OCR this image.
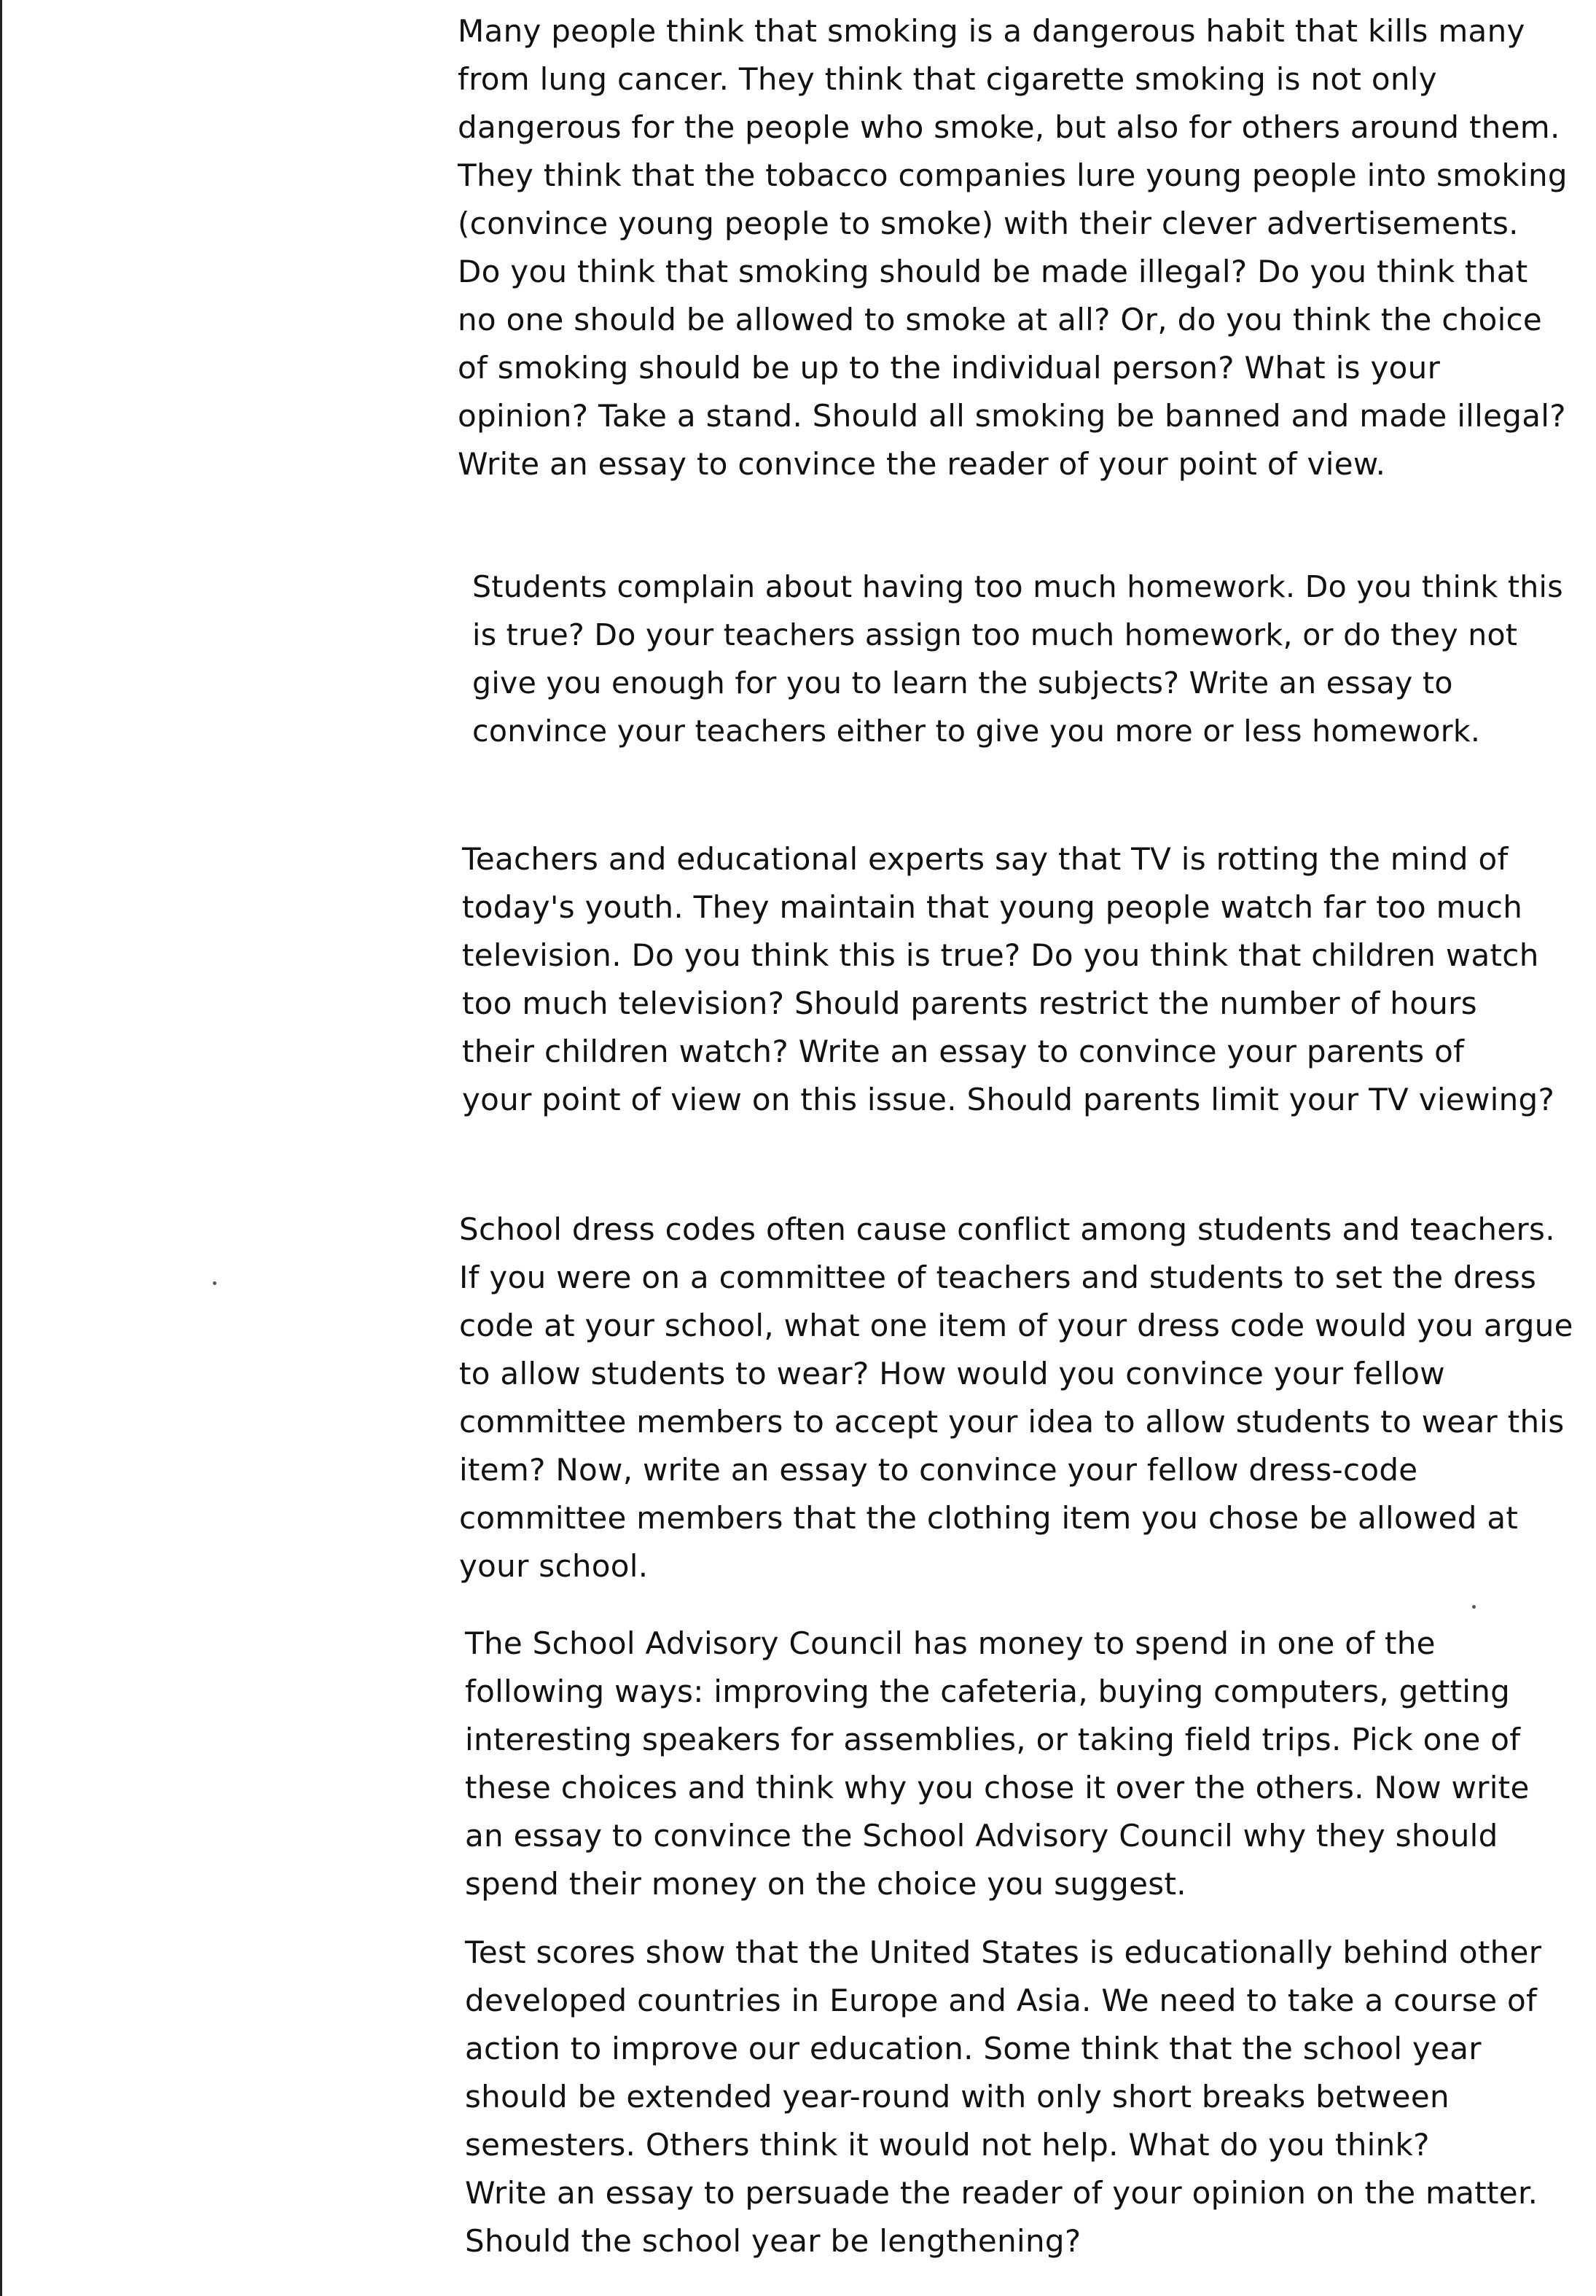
Many people think that smoking is a dangerous habit that kills many
from lung cancer. They think that cigarette smoking is not only
dangerous for the people who smoke, but also for others around them.
They think that the tobacco companies lure young people into smoking
(convince young people to smoke) with their clever advertisements.
Do you think that smoking should be made illegal? Do you think that
no one should be allowed to smoke at all? Or, do you think the choice
of smoking should be up to the individual person? What is your
opinion? Take a stand. Should all smoking be banned and made illegal?
Write an essay to convince the reader of your point of view.
Students complain about having too much homework. Do you think this
is true? Do your teachers assign too much homework, or do they not
give you enough for you to learn the subjects? Write an essay to
convince your teachers either to give you more or less homework.
Teachers and educational experts say that TV is rotting the mind of
today's youth. They maintain that young people watch far too much
television. Do you think this is true? Do you think that children watch
too much television? Should parents restrict the number of hours
their children watch? Write an essay to convince your parents of
your point of view on this issue. Should parents limit your TV viewing?
School dress codes often cause conflict among students and teachers.
If you were on a committee of teachers and students to set the dress
code at your school, what one item of your dress code would you argue
to allow students to wear? How would you convince your fellow
committee members to accept your idea to allow students to wear this
item? Now, write an essay to convince your fellow dress-code
committee members that the clothing item you chose be allowed at
your school.
The School Advisory Council has money to spend in one of the
following ways: improving the cafeteria, buying computers, getting
interesting speakers for assemblies, or taking field trips. Pick one of
these choices and think why you chose it over the others. Now write
an essay to convince the School Advisory Council why they should
spend their money on the choice you suggest.
Test scores show that the United States is educationally behind other
developed countries in Europe and Asia. We need to take a course of
action to improve our education. Some think that the school year
should be extended year-round with only short breaks between
semesters. Others think it would not help. What do you think?
Write an essay to persuade the reader of your opinion on the matter.
Should the school year be lengthening?
